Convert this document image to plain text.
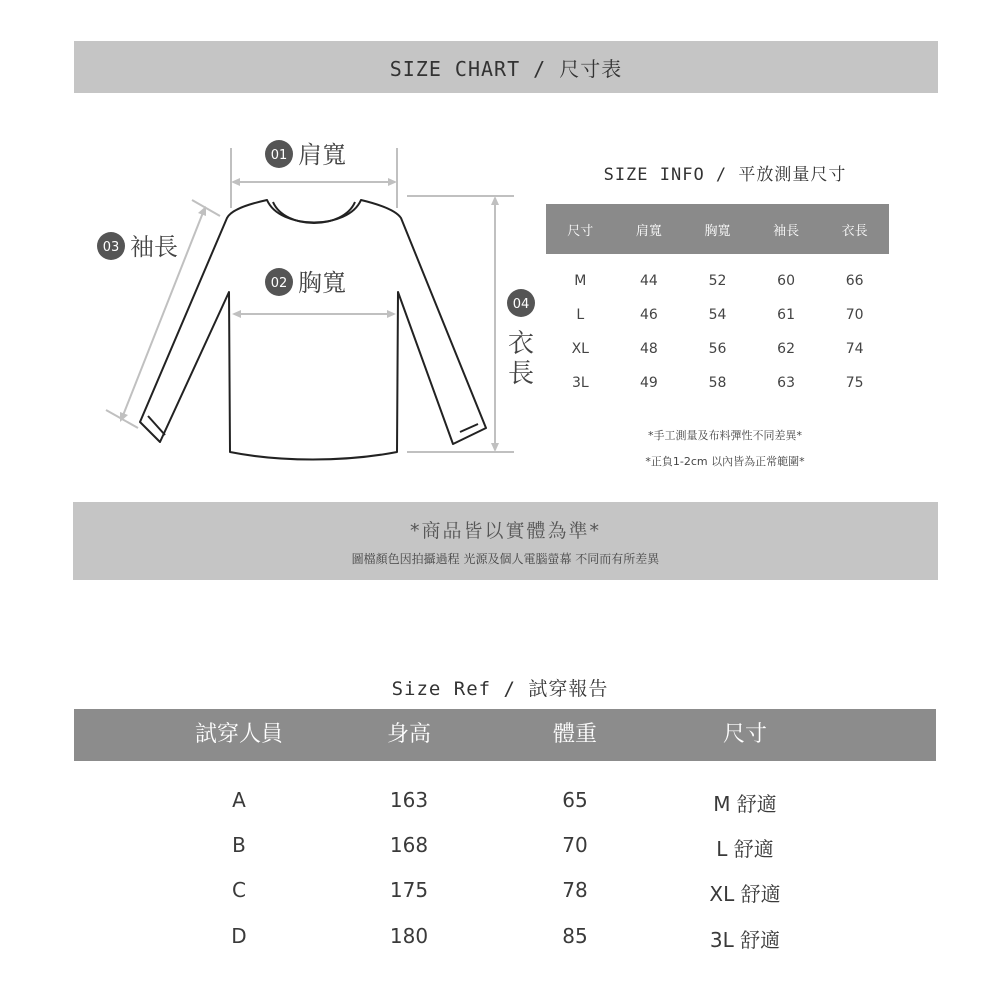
SIZE CHART / 尺寸表
01 肩寬
02 胸寬
03 袖長
04
衣
長
SIZE INFO / 平放測量尺寸
尺寸	肩寬	胸寬	袖長	衣長
M	44	52	60	66
L	46	54	61	70
XL	48	56	62	74
3L	49	58	63	75
*手工測量及布料彈性不同差異*
*正負1-2cm 以內皆為正常範圍*
*商品皆以實體為準*
圖檔顏色因拍攝過程 光源及個人電腦螢幕 不同而有所差異
Size Ref / 試穿報告
試穿人員	身高	體重	尺寸
A	163	65	M 舒適
B	168	70	L 舒適
C	175	78	XL 舒適
D	180	85	3L 舒適
